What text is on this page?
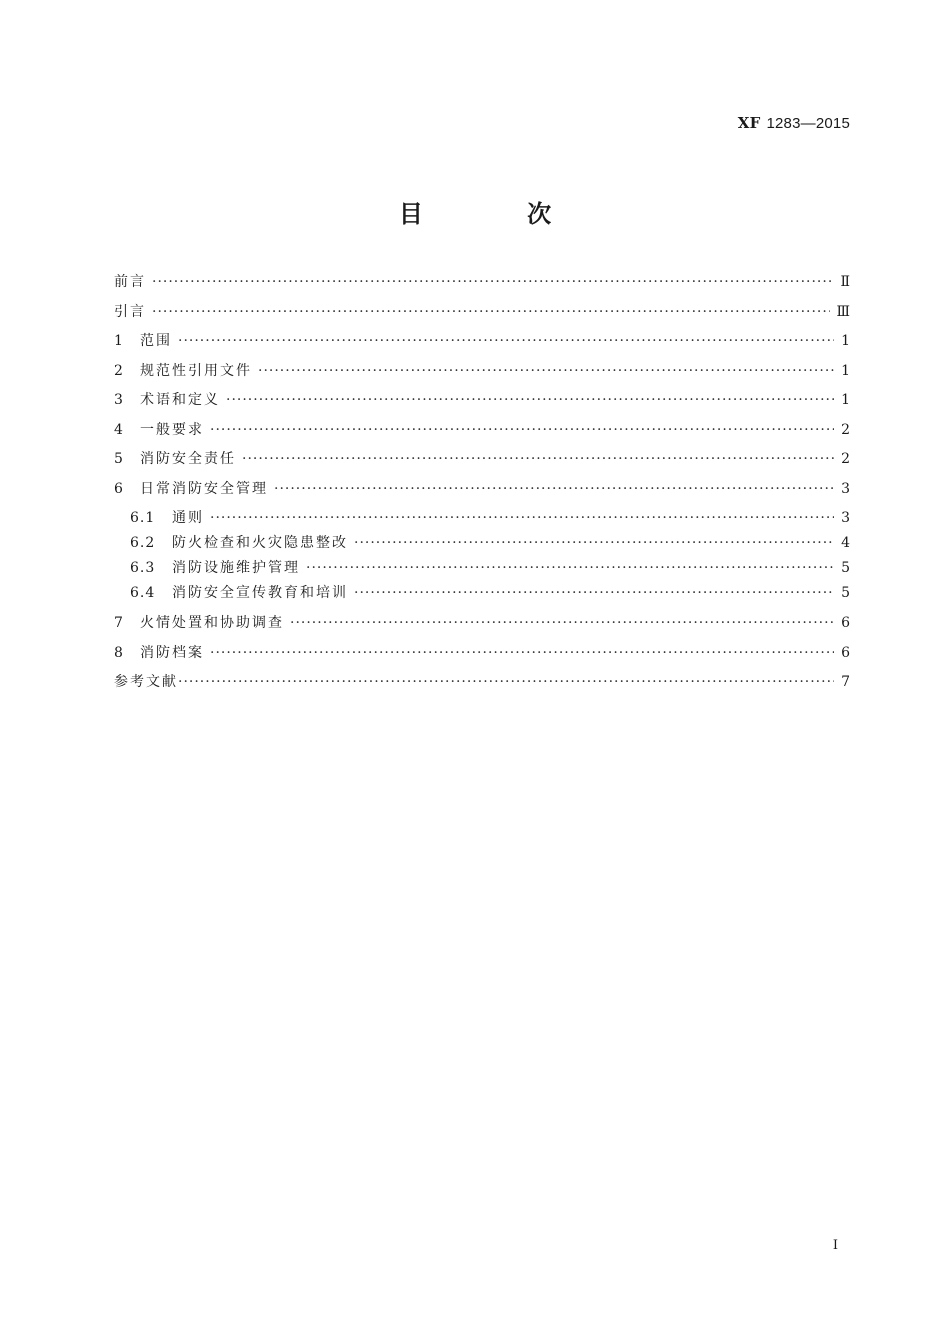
XF 1283—2015
目 次
前言 ·····	Ⅱ
引言 ·····	Ⅲ
1	范围 ·····	1
2	规范性引用文件 ·····	1
3	术语和定义 ·····	1
4	一般要求 ·····	2
5	消防安全责任 ·····	2
6	日常消防安全管理 ·····	3
6.1	通则 ·····	3
6.2	防火检查和火灾隐患整改 ·····	4
6.3	消防设施维护管理 ·····	5
6.4	消防安全宣传教育和培训 ·····	5
7	火情处置和协助调查 ·····	6
8	消防档案 ·····	6
参考文献 ·····	7
I
